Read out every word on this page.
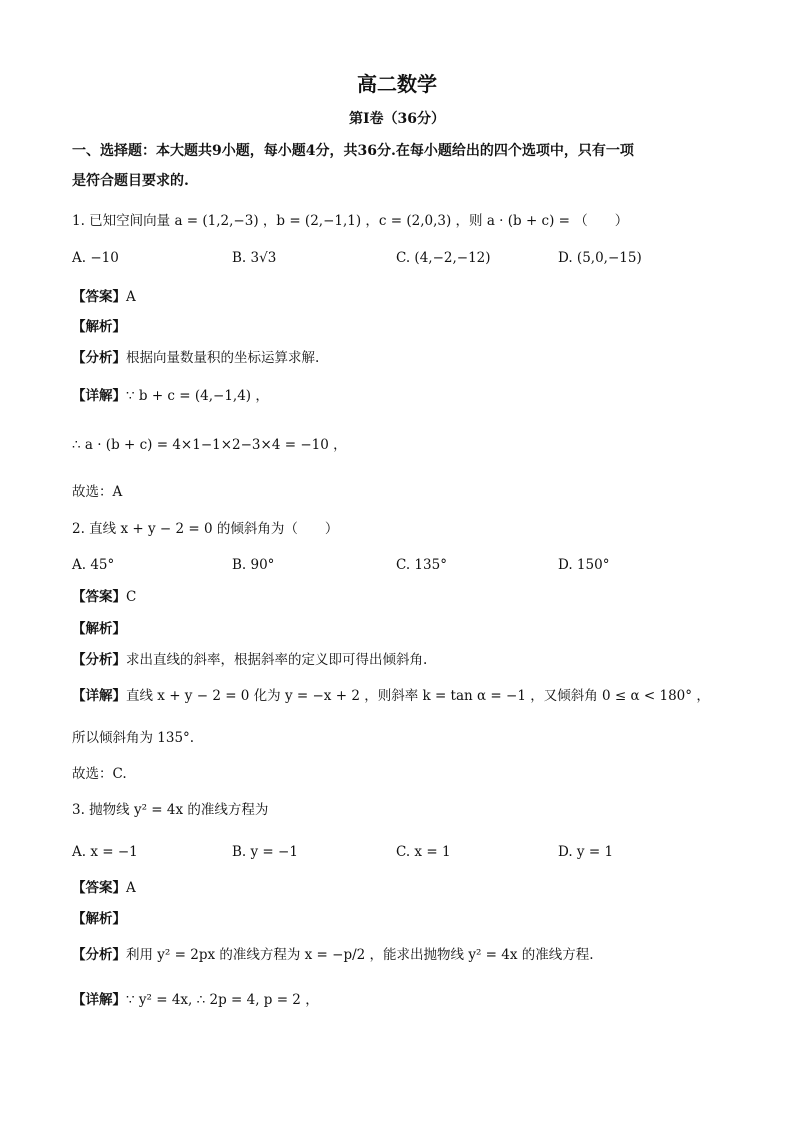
高二数学
第Ⅰ卷（36分）
一、选择题：本大题共9小题，每小题4分，共36分.在每小题给出的四个选项中，只有一项
是符合题目要求的.
1. 已知空间向量 a = (1,2,−3) ，b = (2,−1,1) ，c = (2,0,3) ，则 a · (b + c) = （　　）
A. −10	B. 3√3	C. (4,−2,−12)	D. (5,0,−15)
【答案】A
【解析】
【分析】根据向量数量积的坐标运算求解.
【详解】∵ b + c = (4,−1,4) ，
∴ a · (b + c) = 4×1−1×2−3×4 = −10 ，
故选：A
2. 直线 x + y − 2 = 0 的倾斜角为（　　）
A. 45°	B. 90°	C. 135°	D. 150°
【答案】C
【解析】
【分析】求出直线的斜率，根据斜率的定义即可得出倾斜角.
【详解】直线 x + y − 2 = 0 化为 y = −x + 2 ，则斜率 k = tan α = −1 ，又倾斜角 0 ≤ α < 180° ，
所以倾斜角为 135°.
故选：C.
3. 抛物线 y² = 4x 的准线方程为
A. x = −1	B. y = −1	C. x = 1	D. y = 1
【答案】A
【解析】
【分析】利用 y² = 2px 的准线方程为 x = −p/2 ，能求出抛物线 y² = 4x 的准线方程.
【详解】∵ y² = 4x, ∴ 2p = 4, p = 2 ，
